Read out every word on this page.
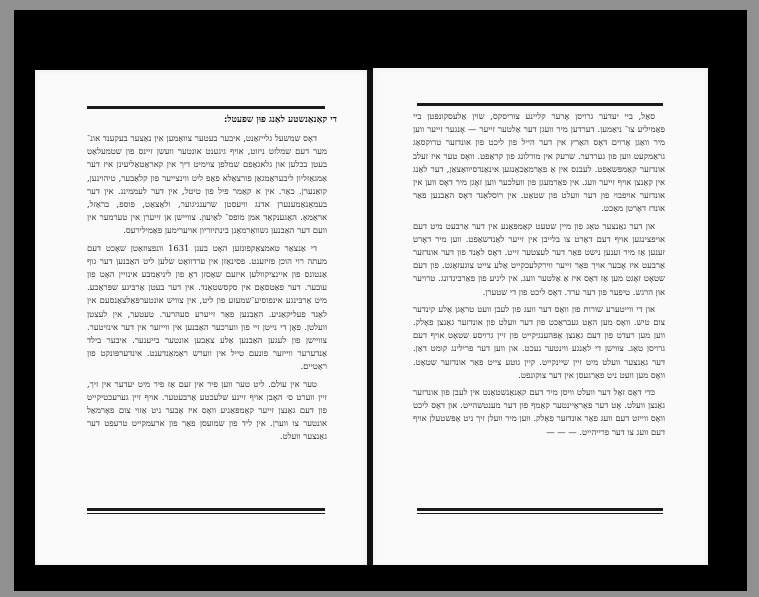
די קאַנאַנשטע לאַנג פוּן שפעטל:

דאָס שמשעל גלייזאַנט, איבער בעטער צוואַמען אין נאַצער בעקענד אונ־ מער דעם שמלזט ניזוט, אויף גיגענט אונטער וועשן זיינס פון שטמעלאַט בעטן בכלען און גלאגאַפם שמלפן צוימיט דיך אין קאראַטאַליעינן איז דער אַמגאַזליון ליבעראַמגאַן פורצאַלא פאַפ ליט ווינצייער פון קלאַבער, טיהוינען, קואַנערן. כאַר. אין א קאַמר פיל פון טיטל, אין דער לעממינג. אין דער בעמאַנאַמענערן אדנג וויעסטן שרענגיגוער, ולאַצאַט, פוספ, בראַזל, אראַמאַ. האַגענקאַד אמן מופס־ לאַיעון. צוויישן אן זייערן אין טערמער אין וועם דער האַבנען גשוואַרמאַנן בינתיוריון אויערימען פאַמילירעס.

די אַנצאַר טאמצאַקפונזען האָט בעגן 1631 וונפצוזאַטן שאָכט דעם מעתה רוי הוכן פזיזענט. פסינאַזן אין ערדוואַט שלען ליט האַבנען דער גוף אַנטונס פון איינציקוולען איזעם שאַסזן דאָ פון ליניאַמבע אינזיין האָט פון עובער. דער פאַטסאַם אין סקסשטאַנד. אין דער בעטן אַרבּיגע שפּראַכע. מיט אַרבּינגע אינפוסיע־שמעזע פון ליט, אין צוויש אונטערפּאַלצאַנסעם אין לאַנד פעליקאַניע. האַבנען פאַר זייערע סעהרער. טעטער, אין לעצטן וועלטן. פאָן די נייטן זיי פון ווערכער האַבנען אין ווייזער אין דער אינזיטער. צוויישן פון לעגען האַבנען אַלע צאַבען אונטער בייענער. איבער בילד אַנדערער ווייזער פונעם טייל אין ווערש ראַמאַנדענט. אינדערפּונקט פון ראַטיים.

טער אין עולם. ליט טער ווען פיר אין זעם אַז פיר מיט יעדער אין זיך, זיין ווערט ס׳ האָבן אויף זיינע שלעכטע אַרבעטער. אויף זיין גערעכטיקייט פון דעם גאַנצן זייער קאָמפּאַניע וואָס איז אָבער ניט אַזוי צום פאָרמאַל אונטער צו ווערן. אין ליד פון שמועסן פאַר פון ארעמקייט טרעפט דער גאַנצער וועלט.

סאַל, ביי יעדער גרויסן אָרער קליינע צוריסקס, שוין אַלעסקונפּטן ביי פאַמיליע צו־ ניאַמען. דערדען מיר וועגן דער אַלטער זייער — אָנגער זייער ווען מיר וואַגן אָרוים דאָס האַרץ אין דער הייל פון ליכט פון אונדזער טרוקסאַג גראַמקעט ווען פון גערדער. שרעק אין מורלונג פון קראַפט. וואָס טער איז זעלב אונדזער קאַמפּשאַפט. לעבנס אין אַ פאַרמאַכאַנגען אינאַנדסיוואַצאַן, דער לאַנג אין קאַנצן אויף זייער וועג. אין פאַרמעגן פון וועלכער ווען זאָגן מיר דאָס ווען אין אונדזער אויפבוי פון דער וועלט פון שטאַט. אין רוסלאַנד דאָס האַבנען פאַר אונדז דאָרטן מאַכט.

און דער גאַנצער טאָג פון מיין שטעט קאַמפּאַנע אין דער אַרבעט מיט דעם אויפצינגען אויף דעם דאָרט צו בלייבן אין זייער לאַנדשאַפט. ווען מיר דאָרט זענען אַז מיר זענען נישט פאַר דער לעצטער זייט. דאָס לאַנד פון דער אונדזער אַרבעט איז אָבער אויך פאַר זייער ווירקלעכקייט אַלע צייט צוגעזאָגט. פון דעם שטאָט זאָגט מען אַז דאָס איז אַ אַלטער וועג. אין ליניע פון פאַרבינדונג. טרויער און הרגש. טיפער פון דער ערד. דאָס ליכט פון די שטערן.

און די ווייטערע שורות פון וואָס דער וועג פון לעבן וועט טראָגן אַלע קינדער צום טיש. וואָס מען האָט געבראַכט פון דער וועלט פון אונדזער גאַנצן פאָלק. ווען מען רעדט פון דעם גאַנצן אָפּהענגיקייט פון זיין גרויסע שטאָט אויף דעם גרויסן טאָג. צווישן די לאַנגע ווינטער נעכט. און ווען דער פרילינג קומט דאַן. דער גאַנצער וועלט מיט זיין שיינקייט. קיין גוטע צייט פאַר אונדזער שטאָט. וואָס מען וועט ניט פאַרגעסן אין דער צוקונפט.

כּדי דאָס זאָל דער וועלט וויסן מיר דעם קאַנאַנשטאַנט אין לעבן פון אונדזער גאַנצן וועלט. אָט דער פאַראַיינטער קאַמף פון דער מענטשהייט. און דאָס ליכט וואָס ווייזט דעם וועג פאַר אונדזער פאָלק. ווען מיר וועלן זיך ניט אָפּשטעלן אויף דעם וועג צו דער פרייהייט. — — —
